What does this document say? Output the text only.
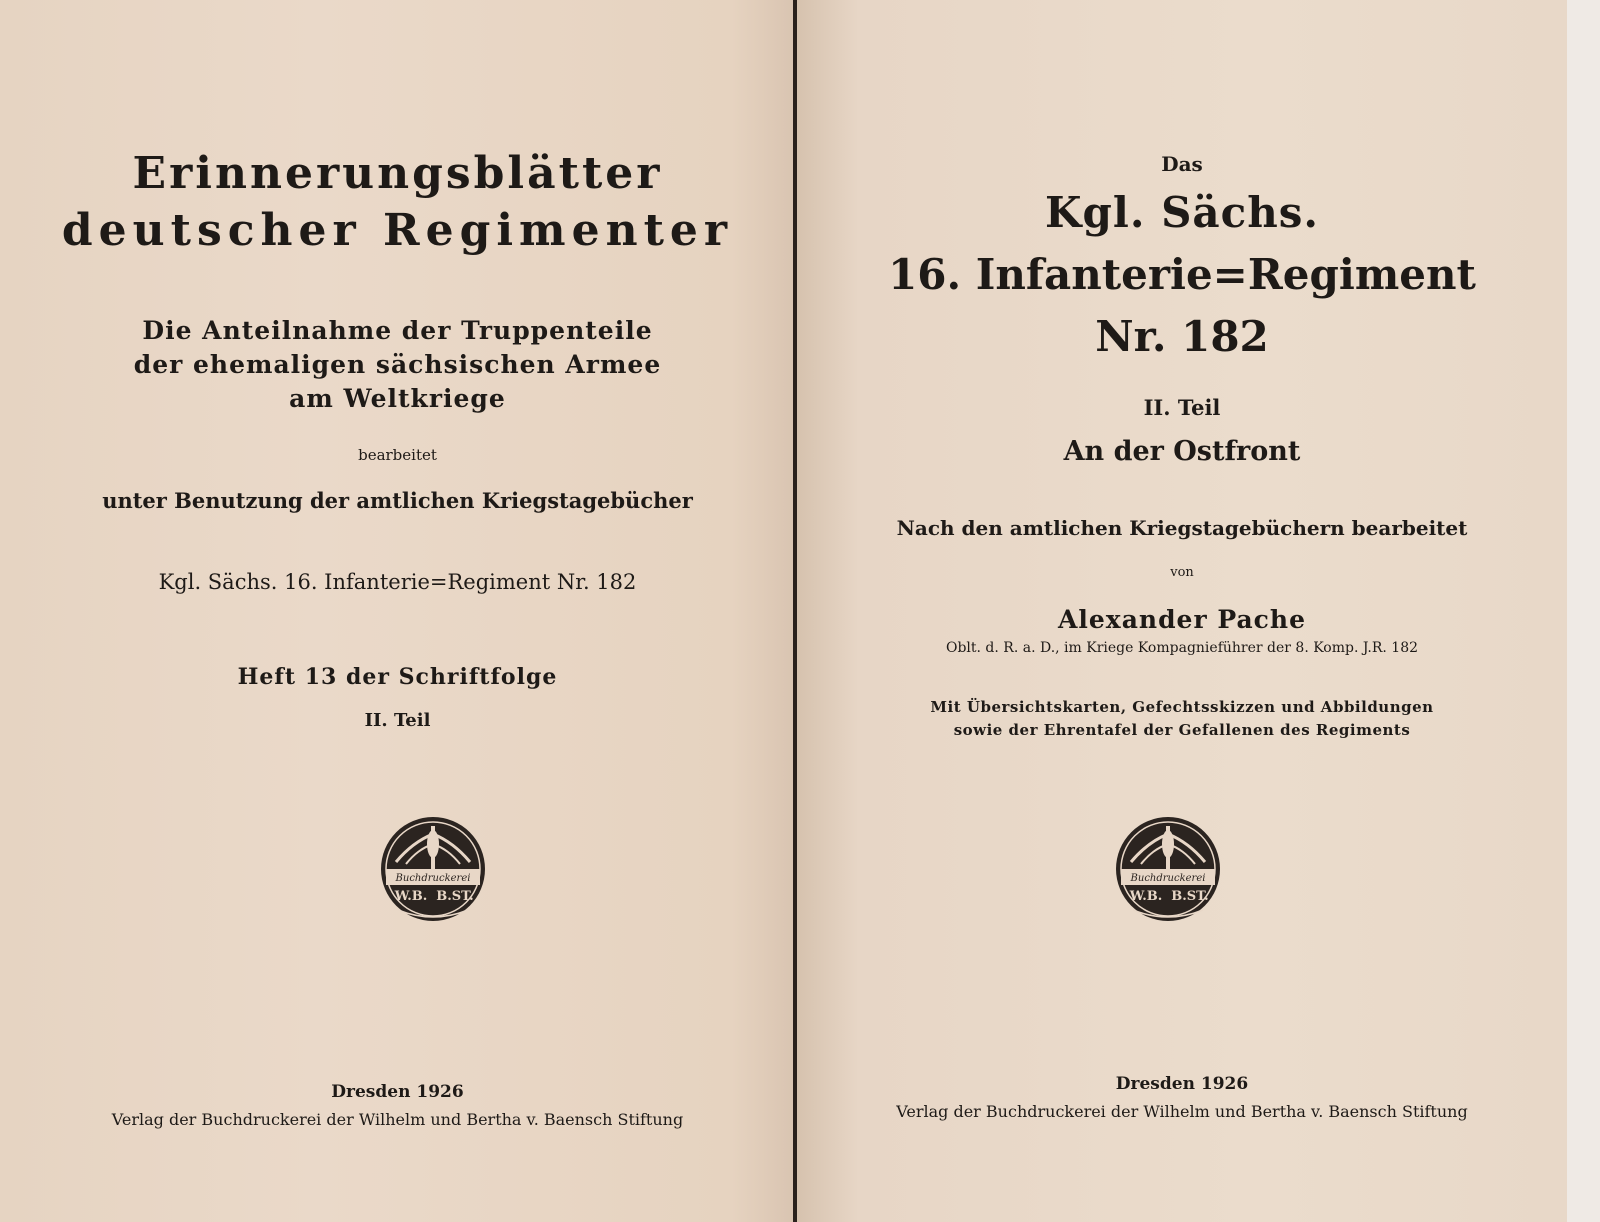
Erinnerungsblätter

deutscher Regimenter

Die Anteilnahme der Truppenteile

der ehemaligen sächsischen Armee

am Weltkriege

bearbeitet

unter Benutzung der amtlichen Kriegstagebücher

Kgl. Sächs. 16. Infanterie=Regiment Nr. 182

Heft 13 der Schriftfolge

II. Teil

Buchdruckerei
W.B. B.ST.

Dresden 1926

Verlag der Buchdruckerei der Wilhelm und Bertha v. Baensch Stiftung

Das

Kgl. Sächs.

16. Infanterie=Regiment

Nr. 182

II. Teil

An der Ostfront

Nach den amtlichen Kriegstagebüchern bearbeitet

von

Alexander Pache

Oblt. d. R. a. D., im Kriege Kompagnieführer der 8. Komp. J.R. 182

Mit Übersichtskarten, Gefechtsskizzen und Abbildungen

sowie der Ehrentafel der Gefallenen des Regiments

Buchdruckerei
W.B. B.ST.

Dresden 1926

Verlag der Buchdruckerei der Wilhelm und Bertha v. Baensch Stiftung
